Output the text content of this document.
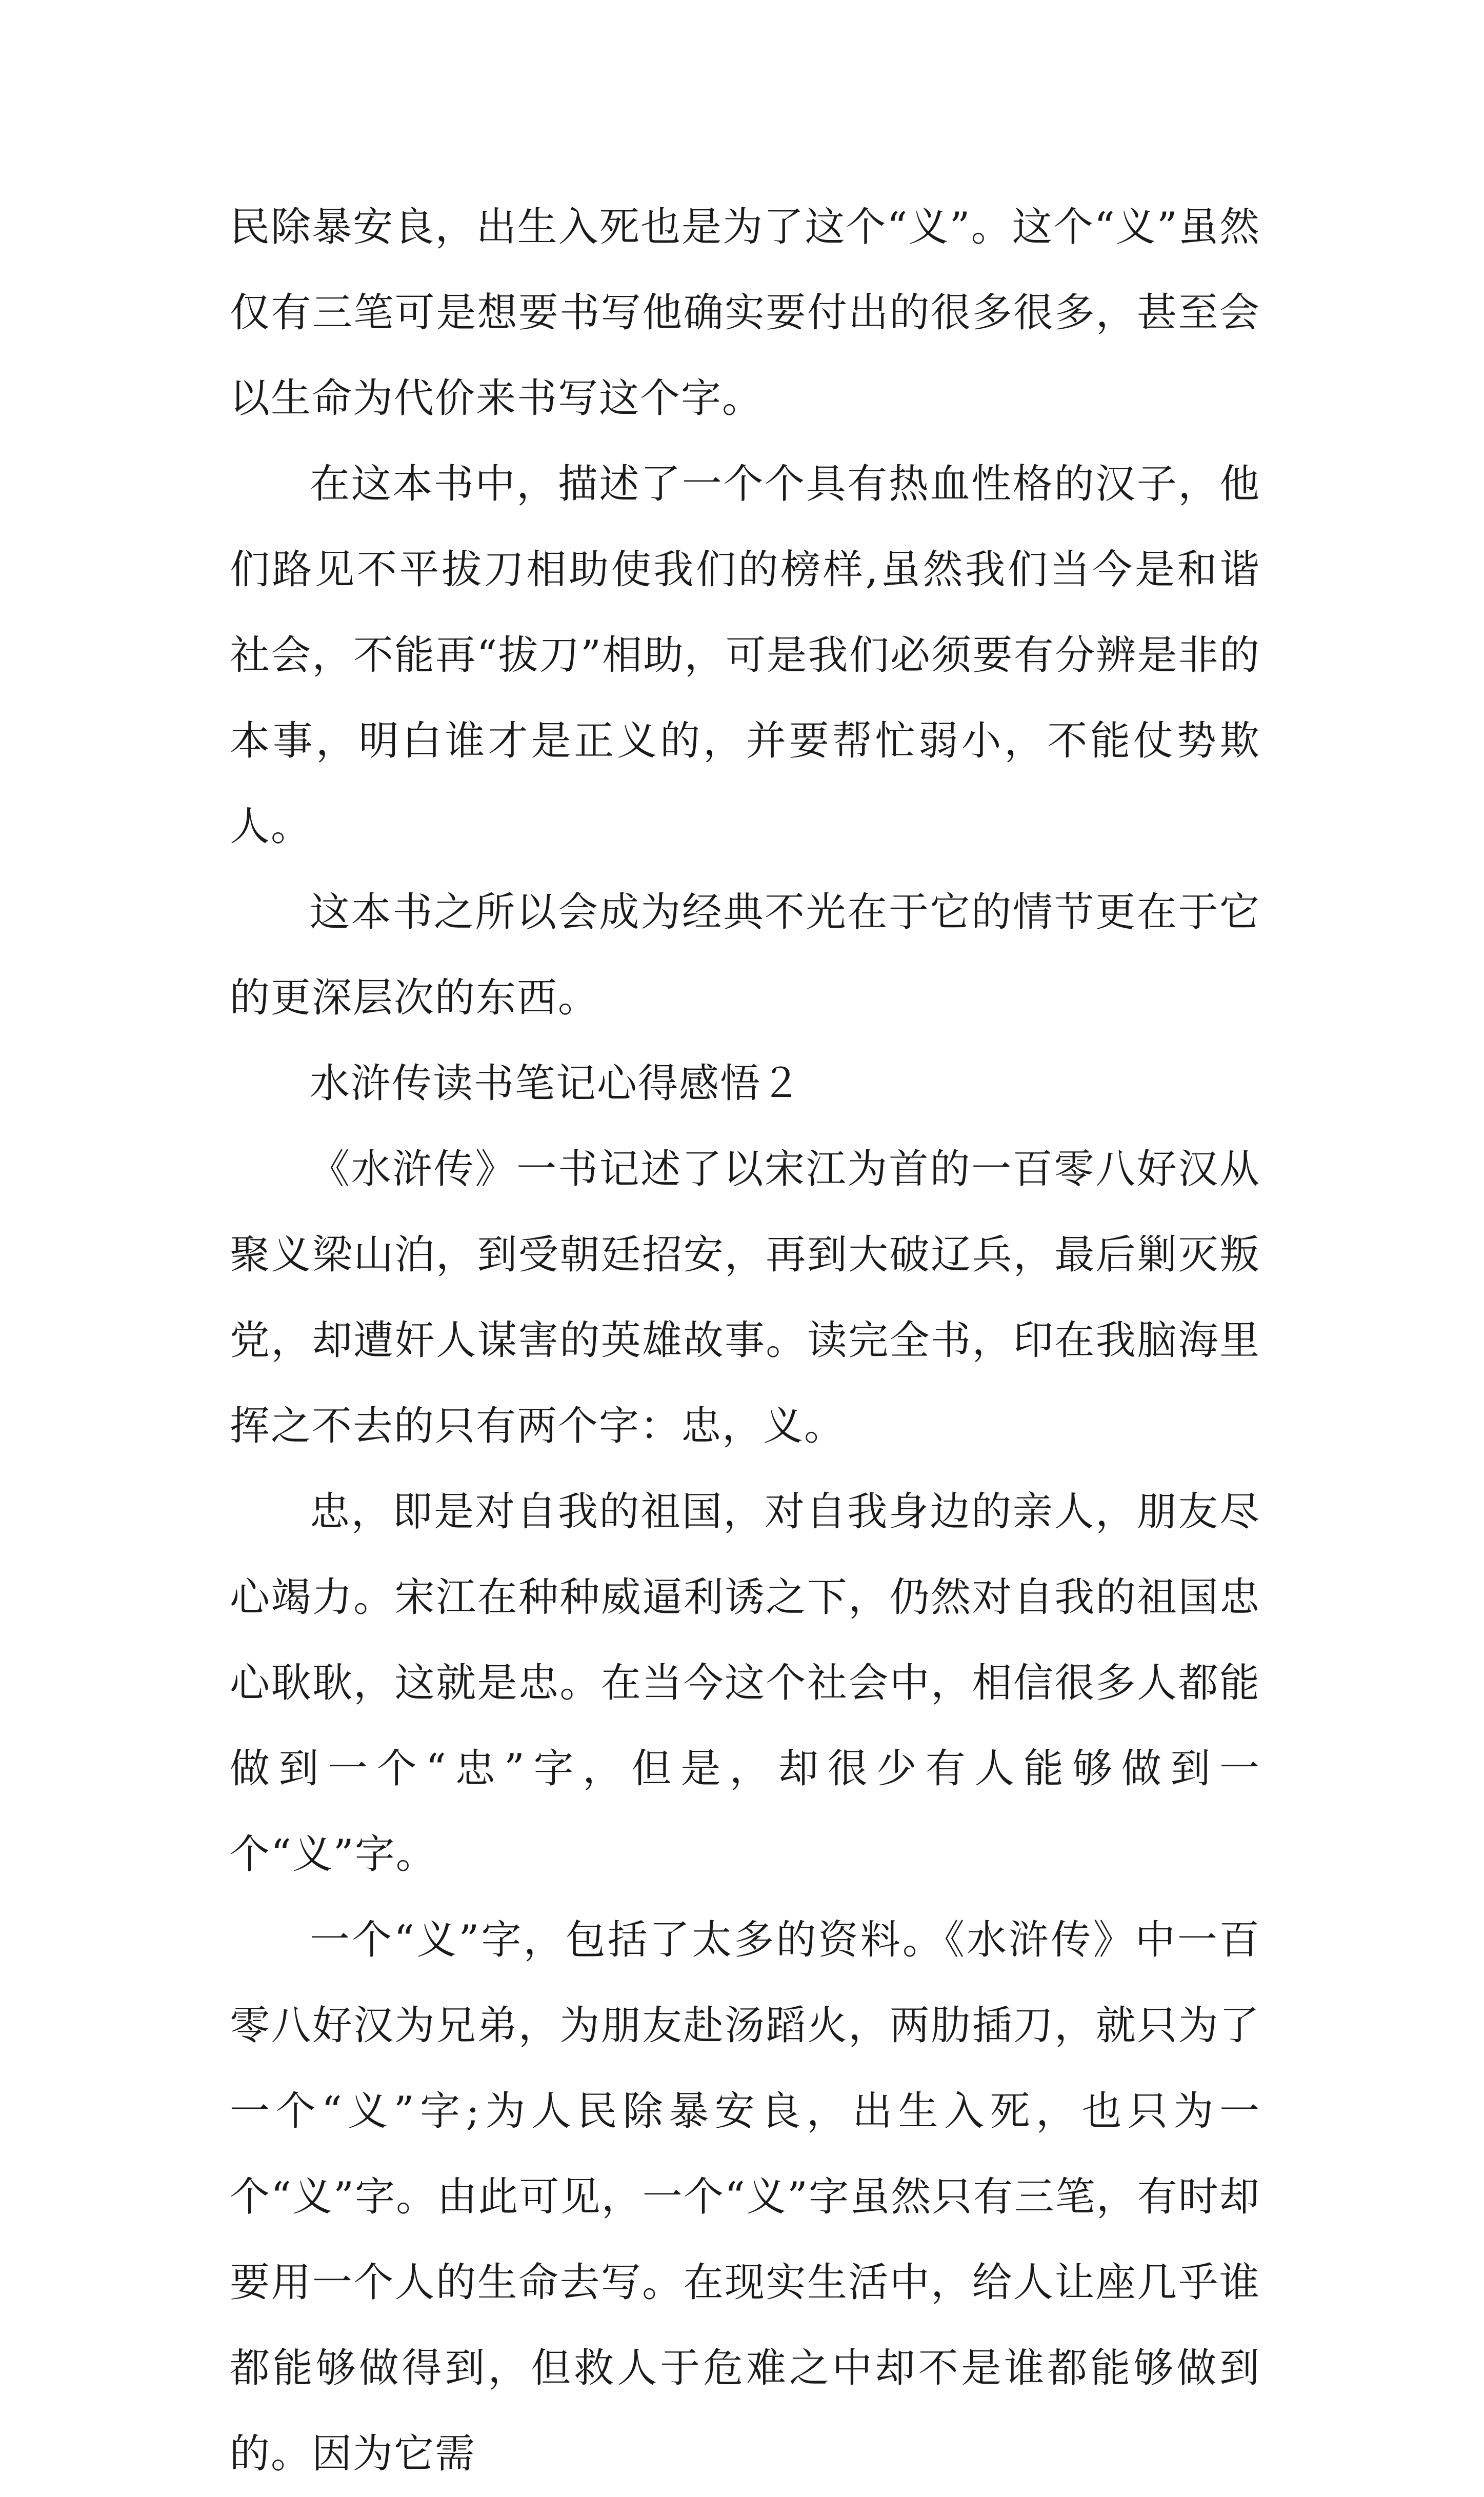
民除暴安良，出生入死也是为了这个“义”。这个“义”虽然仅有三笔可是想要书写他确实要付出的很多很多，甚至会以生命为代价来书写这个字。

在这本书中，描述了一个个具有热血性格的汉子，他们路见不平拔刀相助使我们的榜样,虽然我们当今是和谐社会，不能再“拔刀”相助，可是我们必须要有分辨是非的本事，明白谁才是正义的，并要帮忙弱小，不能仗势欺人。

这本书之所以会成为经典不光在于它的情节更在于它的更深层次的东西。

水浒传读书笔记心得感悟２

《水浒传》一书记述了以宋江为首的一百零八好汉从聚义梁山泊，到受朝廷招安，再到大破辽兵，最后剿灭叛党，却遭奸人谋害的英雄故事。读完全书，印在我脑海里挥之不去的只有两个字：忠，义。

忠，即是对自我的祖国，对自我身边的亲人，朋友尽心竭力。宋江在种种威逼利诱之下，仍然对自我的祖国忠心耿耿，这就是忠。在当今这个社会中，相信很多人都能做到一个“忠”字，但是，却很少有人能够做到一个“义”字。

一个“义”字，包括了太多的资料。《水浒传》中一百零八好汉为兄弟，为朋友赴汤蹈火，两肋插刀，就只为了一个“义”字;为人民除暴安良，出生入死，也只为一个“义”字。由此可见，一个“义”字虽然只有三笔，有时却要用一个人的生命去写。在现实生活中，给人让座几乎谁都能够做得到，但救人于危难之中却不是谁都能够做到的。因为它需
